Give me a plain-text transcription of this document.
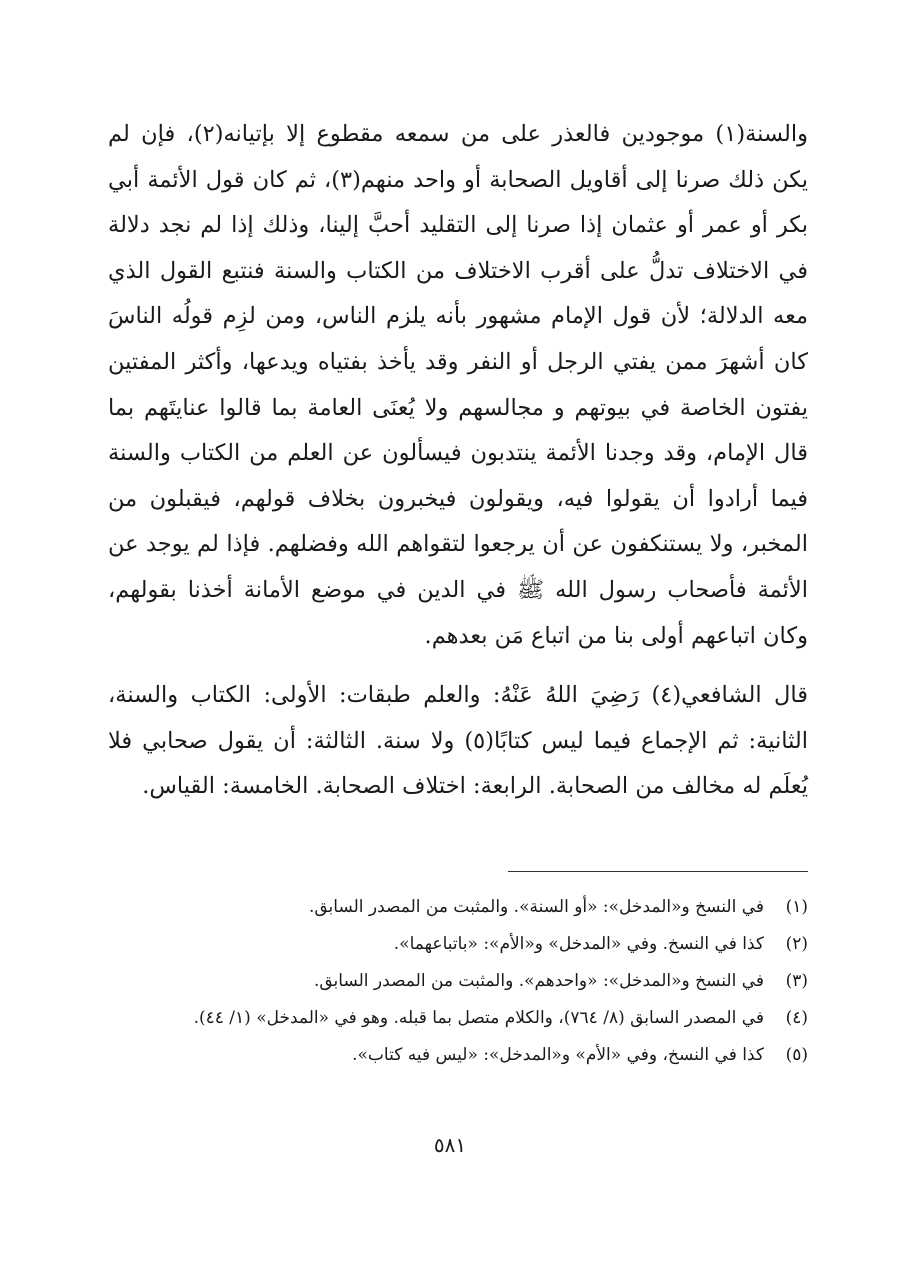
والسنة(١) موجودين فالعذر على من سمعه مقطوع إلا بإتيانه(٢)، فإن لم يكن ذلك صرنا إلى أقاويل الصحابة أو واحد منهم(٣)، ثم كان قول الأئمة أبي بكر أو عمر أو عثمان إذا صرنا إلى التقليد أحبَّ إلينا، وذلك إذا لم نجد دلالة في الاختلاف تدلُّ على أقرب الاختلاف من الكتاب والسنة فنتبع القول الذي معه الدلالة؛ لأن قول الإمام مشهور بأنه يلزم الناس، ومن لزِم قولُه الناسَ كان أشهرَ ممن يفتي الرجل أو النفر وقد يأخذ بفتياه ويدعها، وأكثر المفتين يفتون الخاصة في بيوتهم و مجالسهم ولا يُعنَى العامة بما قالوا عنايتَهم بما قال الإمام، وقد وجدنا الأئمة ينتدبون فيسألون عن العلم من الكتاب والسنة فيما أرادوا أن يقولوا فيه، ويقولون فيخبرون بخلاف قولهم، فيقبلون من المخبر، ولا يستنكفون عن أن يرجعوا لتقواهم الله وفضلهم. فإذا لم يوجد عن الأئمة فأصحاب رسول الله ﷺ في الدين في موضع الأمانة أخذنا بقولهم، وكان اتباعهم أولى بنا من اتباع مَن بعدهم.

قال الشافعي(٤) رَضِيَ اللهُ عَنْهُ: والعلم طبقات: الأولى: الكتاب والسنة، الثانية: ثم الإجماع فيما ليس كتابًا(٥) ولا سنة. الثالثة: أن يقول صحابي فلا يُعلَم له مخالف من الصحابة. الرابعة: اختلاف الصحابة. الخامسة: القياس.

(١)
في النسخ و«المدخل»: «أو السنة». والمثبت من المصدر السابق.
(٢)
كذا في النسخ. وفي «المدخل» و«الأم»: «باتباعهما».
(٣)
في النسخ و«المدخل»: «واحدهم». والمثبت من المصدر السابق.
(٤)
في المصدر السابق (٨/ ٧٦٤)، والكلام متصل بما قبله. وهو في «المدخل» (١/ ٤٤).
(٥)
كذا في النسخ، وفي «الأم» و«المدخل»: «ليس فيه كتاب».
٥٨١
